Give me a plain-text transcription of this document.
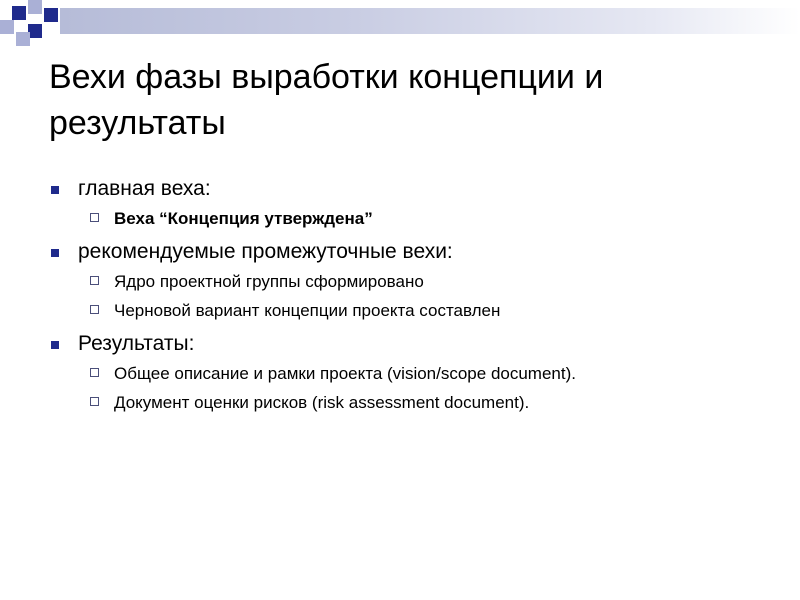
Вехи фазы выработки концепции и результаты
главная веха:
Веха “Концепция утверждена”
рекомендуемые промежуточные вехи:
Ядро проектной группы сформировано
Черновой вариант концепции проекта составлен
Результаты:
Общее описание и рамки проекта (vision/scope document).
Документ оценки рисков (risk assessment document).
